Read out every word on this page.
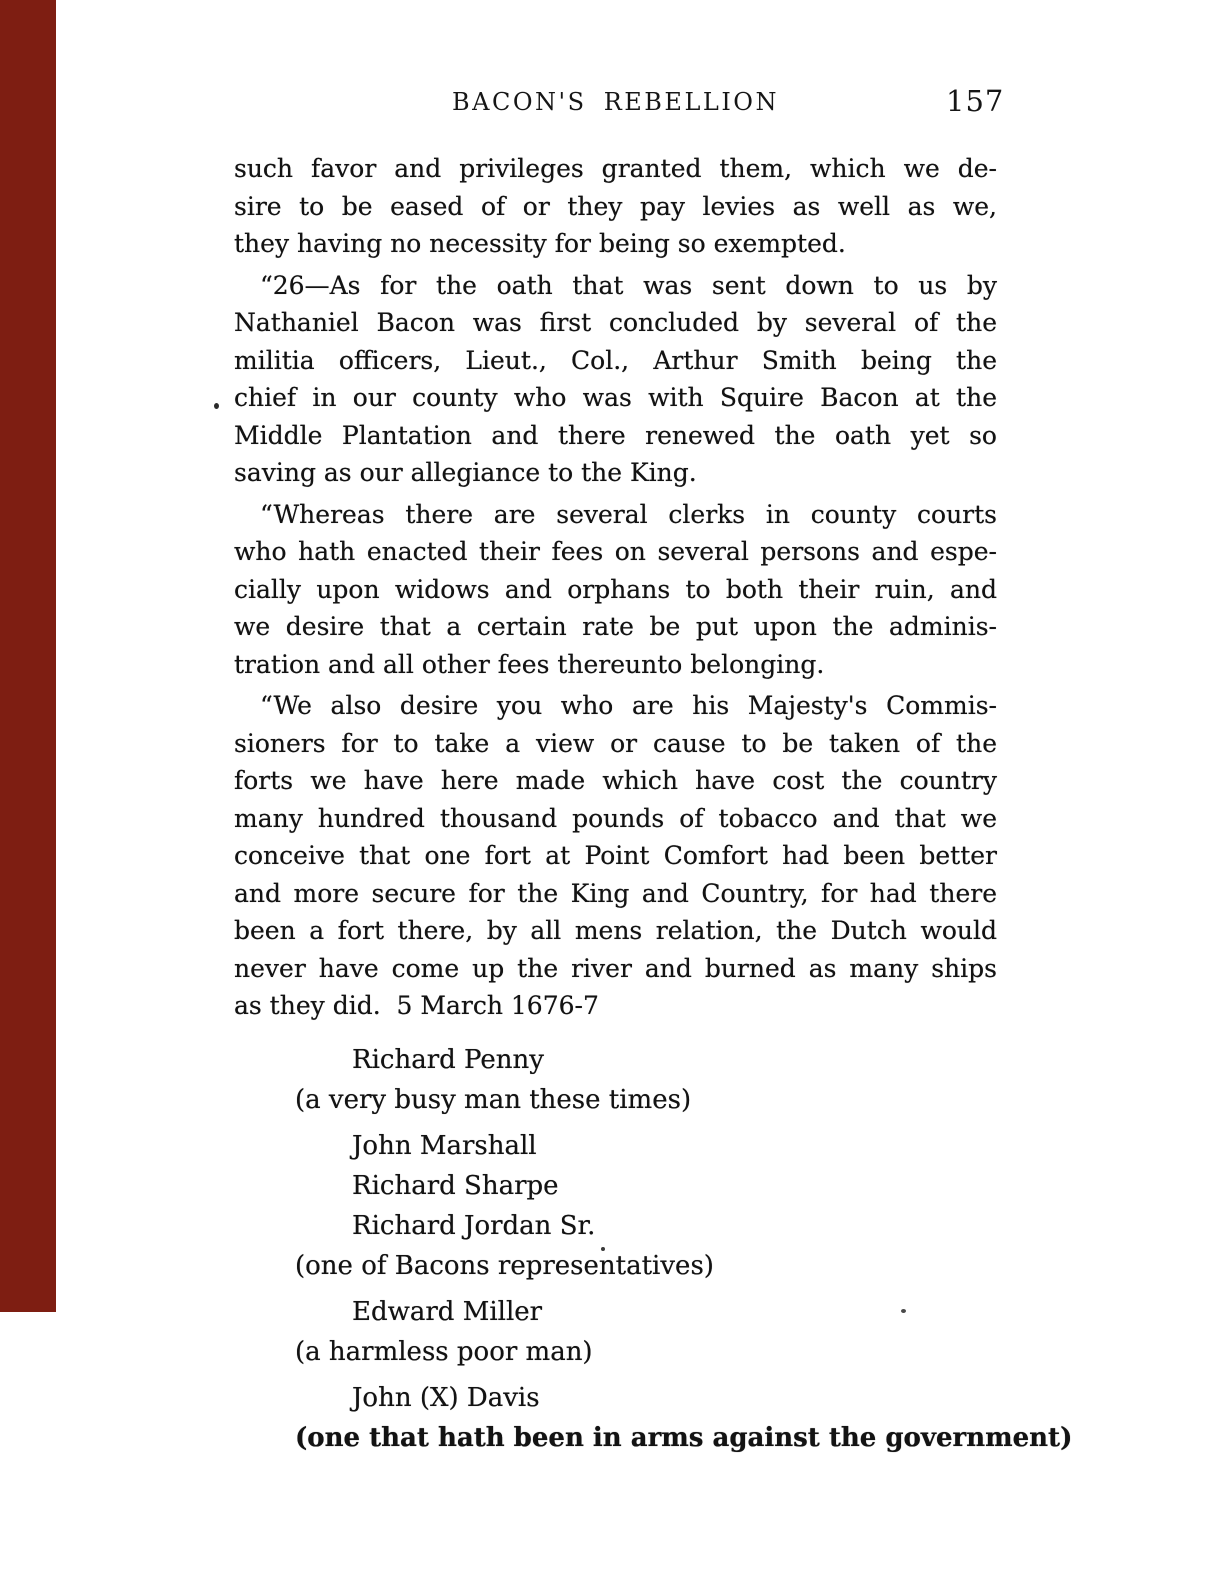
BACON'S REBELLION	157
such favor and privileges granted them, which we de-
sire to be eased of or they pay levies as well as we,
they having no necessity for being so exempted.
“26—As for the oath that was sent down to us by
Nathaniel Bacon was first concluded by several of the
militia officers, Lieut., Col., Arthur Smith being the
chief in our county who was with Squire Bacon at the
Middle Plantation and there renewed the oath yet so
saving as our allegiance to the King.
“Whereas there are several clerks in county courts
who hath enacted their fees on several persons and espe-
cially upon widows and orphans to both their ruin, and
we desire that a certain rate be put upon the adminis-
tration and all other fees thereunto belonging.
“We also desire you who are his Majesty's Commis-
sioners for to take a view or cause to be taken of the
forts we have here made which have cost the country
many hundred thousand pounds of tobacco and that we
conceive that one fort at Point Comfort had been better
and more secure for the King and Country, for had there
been a fort there, by all mens relation, the Dutch would
never have come up the river and burned as many ships
as they did.  5 March 1676-7
Richard Penny
(a very busy man these times)
John Marshall
Richard Sharpe
Richard Jordan Sr.
(one of Bacons representatives)
Edward Miller
(a harmless poor man)
John (X) Davis
(one that hath been in arms against the government)
